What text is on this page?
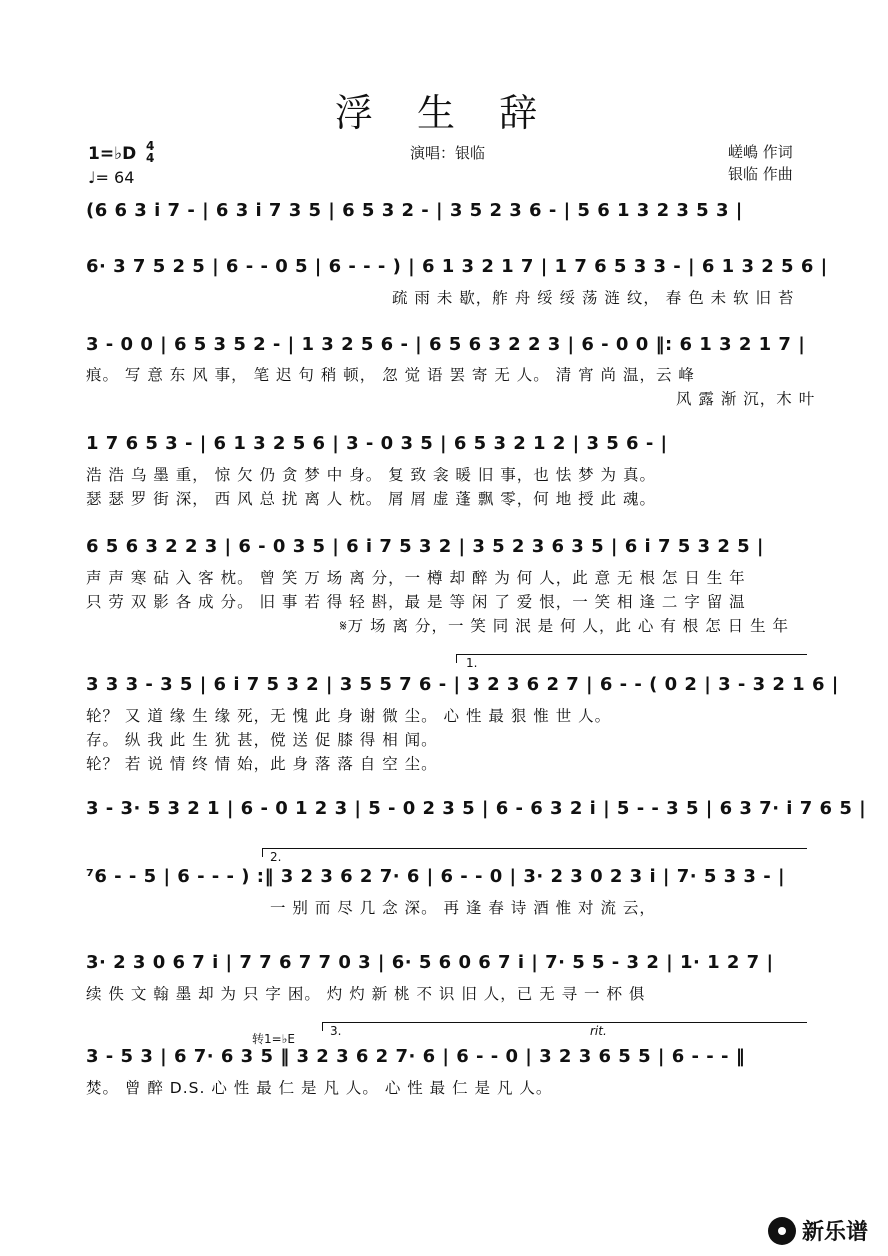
浮 生 辞
1=♭D 4
4
♩= 64
演唱：银临	嵯嶋 作词
银临 作曲
(6 6 3 i 7 - | 6 3 i 7 3 5 | 6 5 3 2 - | 3 5 2 3 6 - | 5 6 1 3 2 3 5 3 |
6· 3 7 5 2 5 | 6 - - 0 5 | 6 - - - ) | 6 1 3 2 1 7 | 1 7 6 5 3 3 - | 6 1 3 2 5 6 |
疏 雨 未 歇，舴 舟 绥 绥 荡 涟 纹， 春 色 未 软 旧 苔
3 - 0 0 | 6 5 3 5 2 - | 1 3 2 5 6 - | 6 5 6 3 2 2 3 | 6 - 0 0 ‖: 6 1 3 2 1 7 |
痕。 写 意 东 风 事， 笔 迟 句 稍 顿， 忽 觉 语 罢 寄 无 人。 清 宵 尚 温，云 峰
风 露 渐 沉，木 叶
1 7 6 5 3 - | 6 1 3 2 5 6 | 3 - 0 3 5 | 6 5 3 2 1 2 | 3 5 6 - |
浩 浩 乌 墨 重， 惊 欠 仍 贪 梦 中 身。 复 致 衾 暖 旧 事，也 怯 梦 为 真。
瑟 瑟 罗 街 深， 西 风 总 扰 离 人 枕。 屑 屑 虚 蓬 飘 零，何 地 授 此 魂。
6 5 6 3 2 2 3 | 6 - 0 3 5 | 6 i 7 5 3 2 | 3 5 2 3 6 3 5 | 6 i 7 5 3 2 5 |
声 声 寒 砧 入 客 枕。 曾 笑 万 场 离 分，一 樽 却 醉 为 何 人，此 意 无 根 怎 日 生 年
只 劳 双 影 各 成 分。 旧 事 若 得 轻 斟，最 是 等 闲 了 爱 恨，一 笑 相 逢 二 字 留 温
𝄋万 场 离 分，一 笑 同 泯 是 何 人，此 心 有 根 怎 日 生 年
1.
3 3 3 - 3 5 | 6 i 7 5 3 2 | 3 5 5 7 6 - | 3 2 3 6 2 7 | 6 - - ( 0 2 | 3 - 3 2 1 6 |
轮？ 又 道 缘 生 缘 死，无 愧 此 身 谢 微 尘。 心 性 最 狠 惟 世 人。
存。 纵 我 此 生 犹 甚，傥 送 促 膝 得 相 闻。
轮？ 若 说 情 终 情 始，此 身 落 落 自 空 尘。
3 - 3· 5 3 2 1 | 6 - 0 1 2 3 | 5 - 0 2 3 5 | 6 - 6 3 2 i | 5 - - 3 5 | 6 3 7· i 7 6 5 |
2.
⁷6 - - 5 | 6 - - - ) :‖ 3 2 3 6 2 7· 6 | 6 - - 0 | 3· 2 3 0 2 3 i | 7· 5 3 3 - |
一 别 而 尽 几 念 深。 再 逢 春 诗 酒 惟 对 流 云，
3· 2 3 0 6 7 i | 7 7 6 7 7 0 3 | 6· 5 6 0 6 7 i | 7· 5 5 - 3 2 | 1· 1 2 7 |
续 佚 文 翰 墨 却 为 只 字 困。 灼 灼 新 桃 不 识 旧 人，已 无 寻 一 杯 俱
3.
转1=♭E
rit.
3 - 5 3 | 6 7· 6 3 5 ‖ 3 2 3 6 2 7· 6 | 6 - - 0 | 3 2 3 6 5 5 | 6 - - - ‖
焚。 曾 醉 D.S. 心 性 最 仁 是 凡 人。 心 性 最 仁 是 凡 人。
新乐谱
